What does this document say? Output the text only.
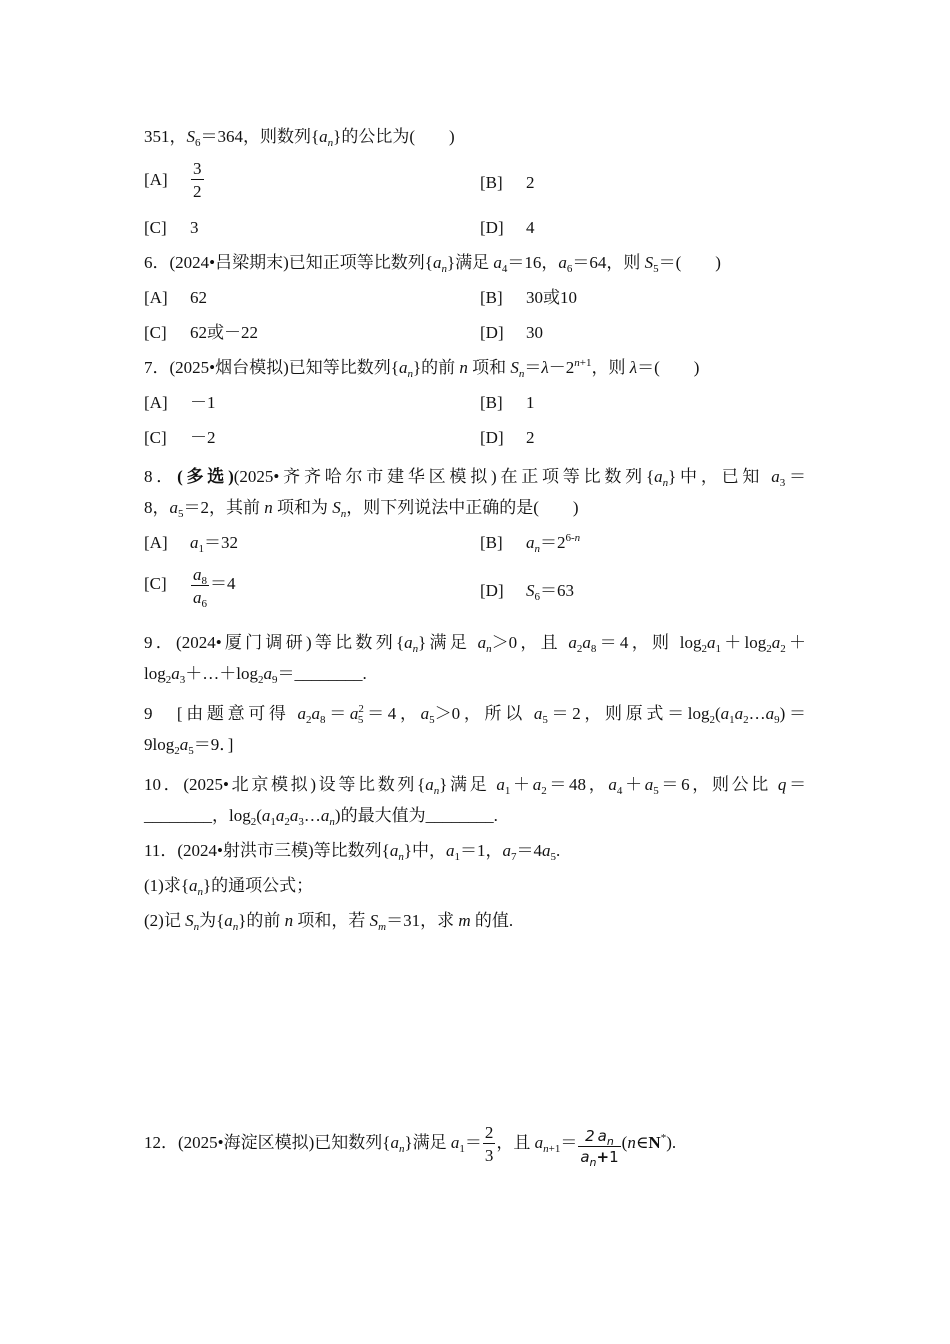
351，$S_6=364$，则数列$\{a_n\}$的公比为(　　)
$[A] \frac{3}{2}$	[B] 2
[C] 3	[D] 4
6．(2024•吕梁期末)已知正项等比数列$\{a_n\}$满足 $a_4=16$，$a_6=64$，则 $S_5=$(　　)
[A] 62	[B] 30或10
[C] 62或－22	[D] 30
7．(2025•烟台模拟)已知等比数列$\{a_n\}$的前 n 项和 $S_n=\lambda-2^{n+1}$，则 λ＝(　　)
[A] －1	[B] 1
[C] －2	[D] 2
8．(多选)(2025•齐齐哈尔市建华区模拟)在正项等比数列$\{a_n\}$中，已知 $a_3=$
8，$a_5=2$，其前 n 项和为 $S_n$，则下列说法中正确的是(　　)
[A] $a_1=32$	[B] $a_n=2^{6-n}$
$[C] \frac{a_8}{a_6} =4$	[D] $S_6=63$
9．(2024•厦门调研)等比数列$\{a_n\}$满足 $a_n>0$，且 $a_2a_8=4$，则 $\log_2a_1+\log_2a_2+$
$\log_2a_3+\dots+\log_2a_9=\_\_\_\_\_\_\_\_$.
9　[由题意可得 $a_2a_8=a^2_5=4$，$a_5>0$，所以 $a_5=2$，则原式$=\log_2(a_1a_2\dots a_9)=$
$9\log_2a_5=9$．]
10．(2025•北京模拟)设等比数列$\{a_n\}$满足 $a_1+a_2=48$，$a_4+a_5=6$，则公比 q＝
________，$\log_2(a_1a_2a_3\dots a_n)$的最大值为________.
11．(2024•射洪市三模)等比数列$\{a_n\}$中，$a_1=1$，$a_7=4a_5$.
(1)求$\{a_n\}$的通项公式；
(2)记 $S_n$为$\{a_n\}$的前 n 项和，若 $S_m=31$，求 m 的值.
12．(2025•海淀区模拟)已知数列$\{a_n\}$满足 $a_1= \frac{2}{3}$ ，且 $a_{n+1}= \frac{2 a_n}{a_n+1}$ (n∈N*).
